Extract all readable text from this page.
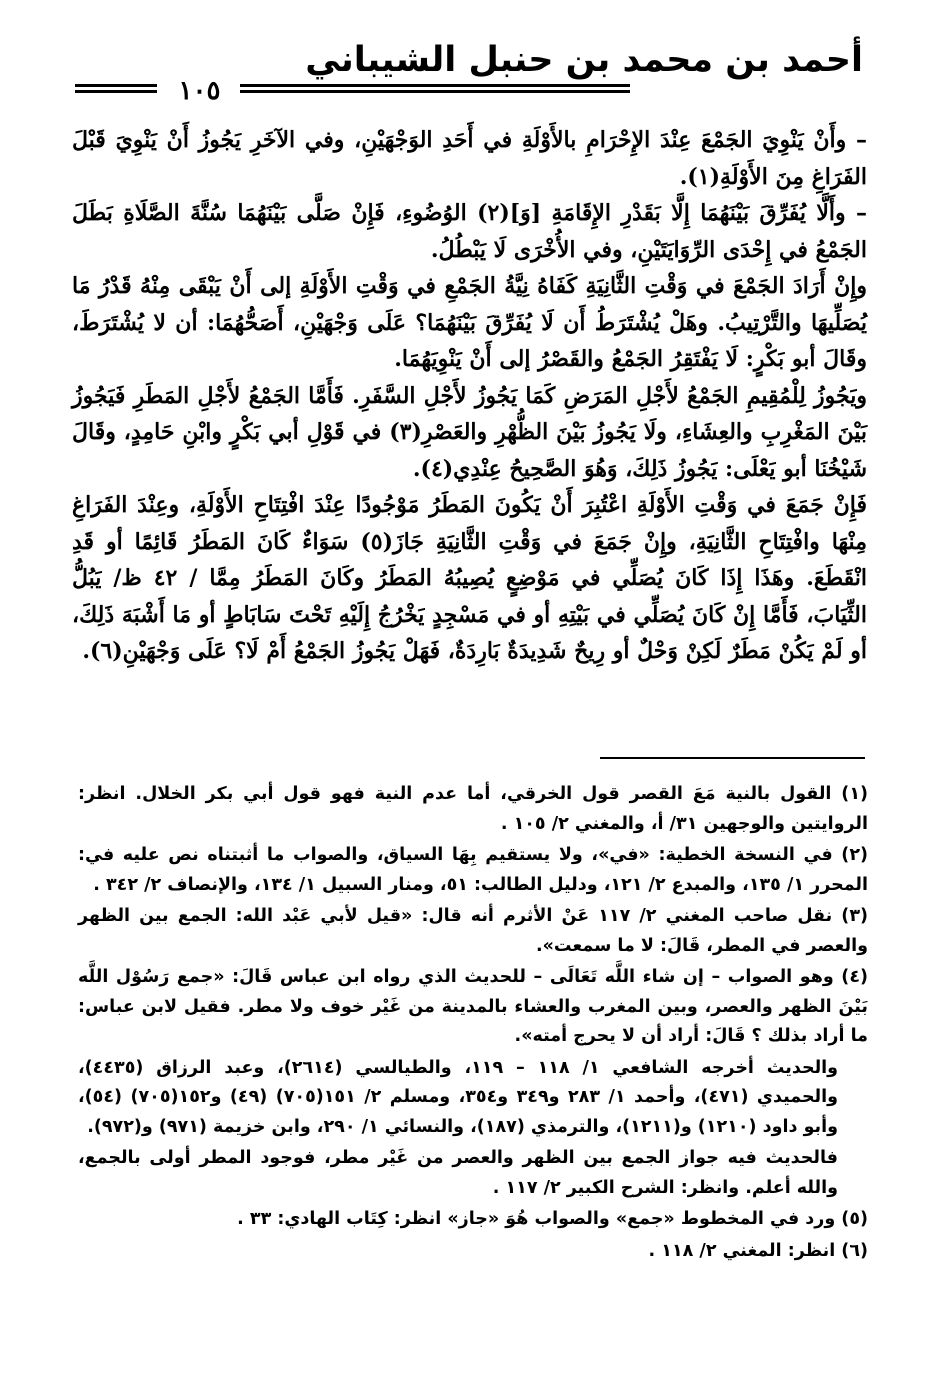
أحمد بن محمد بن حنبل الشيباني
١٠٥

– وأَنْ يَنْوِيَ الجَمْعَ عِنْدَ الإِحْرَامِ بالأَوْلَةِ في أَحَدِ الوَجْهَيْنِ، وفي الآخَرِ يَجُوزُ أَنْ يَنْوِيَ قَبْلَ الفَرَاغِ مِنَ الأَوْلَةِ(١).

– وأَلَّا يُفَرِّقَ بَيْنَهُمَا إِلَّا بَقَدْرِ الإِقَامَةِ [وَ](٢) الوُضُوءِ، فَإِنْ صَلَّى بَيْنَهُمَا سُنَّةَ الصَّلَاةِ بَطَلَ الجَمْعُ في إِحْدَى الرِّوَايَتَيْنِ، وفي الأُخْرَى لَا يَبْطُلُ.

وإِنْ أَرَادَ الجَمْعَ في وَقْتِ الثَّانِيَةِ كَفَاهُ نِيَّةُ الجَمْعِ في وَقْتِ الأَوْلَةِ إلى أَنْ يَبْقَى مِنْهُ قَدْرُ مَا يُصَلِّيهَا والتَّرْتِيبُ. وهَلْ يُشْتَرَطُ أَن لَا يُفَرِّقَ بَيْنَهُمَا؟ عَلَى وَجْهَيْنِ، أَصَحُّهُمَا: أن لا يُشْتَرَطَ، وقَالَ أبو بَكْرٍ: لَا يَفْتَقِرُ الجَمْعُ والقَصْرُ إلى أَنْ يَنْوِيَهُمَا.

ويَجُوزُ لِلْمُقِيمِ الجَمْعُ لأَجْلِ المَرَضِ كَمَا يَجُوزُ لأَجْلِ السَّفَرِ. فَأَمَّا الجَمْعُ لأَجْلِ المَطَرِ فَيَجُوزُ بَيْنَ المَغْرِبِ والعِشَاءِ، ولَا يَجُوزُ بَيْنَ الظُّهْرِ والعَصْرِ(٣) في قَوْلِ أبي بَكْرٍ وابْنِ حَامِدٍ، وقَالَ شَيْخُنَا أبو يَعْلَى: يَجُوزُ ذَلِكَ، وَهُوَ الصَّحِيحُ عِنْدِي(٤).

فَإِنْ جَمَعَ في وَقْتِ الأَوْلَةِ اعْتُبِرَ أَنْ يَكُونَ المَطَرُ مَوْجُودًا عِنْدَ افْتِتَاحِ الأَوْلَةِ، وعِنْدَ الفَرَاغِ مِنْهَا وافْتِتَاحِ الثَّانِيَةِ، وإِنْ جَمَعَ في وَقْتِ الثَّانِيَةِ جَازَ(٥) سَوَاءٌ كَانَ المَطَرُ قَائِمًا أو قَدِ انْقَطَعَ. وهَذَا إِذَا كَانَ يُصَلِّي في مَوْضِعٍ يُصِيبُهُ المَطَرُ وكَانَ المَطَرُ مِمَّا / ٤٢ ظ/ يَبُلُّ الثِّيَابَ، فَأَمَّا إِنْ كَانَ يُصَلِّي في بَيْتِهِ أو في مَسْجِدٍ يَخْرُجُ إِلَيْهِ تَحْتَ سَابَاطٍ أو مَا أَشْبَهَ ذَلِكَ، أو لَمْ يَكُنْ مَطَرٌ لَكِنْ وَحْلٌ أو رِيحٌ شَدِيدَةٌ بَارِدَةٌ، فَهَلْ يَجُوزُ الجَمْعُ أَمْ لَا؟ عَلَى وَجْهَيْنِ(٦).

(١) القول بالنية مَعَ القصر قول الخرقي، أما عدم النية فهو قول أبي بكر الخلال. انظر: الروايتين والوجهين ٣١/ أ، والمغني ٢/ ١٠٥ .

(٢) في النسخة الخطية: «في»، ولا يستقيم بِهَا السياق، والصواب ما أثبتناه نص عليه في: المحرر ١/ ١٣٥، والمبدع ٢/ ١٢١، ودليل الطالب: ٥١، ومنار السبيل ١/ ١٣٤، والإنصاف ٢/ ٣٤٢ .

(٣) نقل صاحب المغني ٢/ ١١٧ عَنْ الأثرم أنه قال: «قيل لأبي عَبْد الله: الجمع بين الظهر والعصر في المطر، قَالَ: لا ما سمعت».

(٤) وهو الصواب – إن شاء اللَّه تَعَالَى – للحديث الذي رواه ابن عباس قَالَ: «جمع رَسُوْل اللَّه بَيْنَ الظهر والعصر، وبين المغرب والعشاء بالمدينة من غَيْر خوف ولا مطر. فقيل لابن عباس: ما أراد بذلك ؟ قَالَ: أراد أن لا يحرج أمته».

والحديث أخرجه الشافعي ١/ ١١٨ – ١١٩، والطيالسي (٢٦١٤)، وعبد الرزاق (٤٤٣٥)، والحميدي (٤٧١)، وأحمد ١/ ٢٨٣ و٣٤٩ و٣٥٤، ومسلم ٢/ ١٥١(٧٠٥) (٤٩) و١٥٢(٧٠٥) (٥٤)، وأبو داود (١٢١٠) و(١٢١١)، والترمذي (١٨٧)، والنسائي ١/ ٢٩٠، وابن خزيمة (٩٧١) و(٩٧٢).

فالحديث فيه جواز الجمع بين الظهر والعصر من غَيْر مطر، فوجود المطر أولى بالجمع، والله أعلم. وانظر: الشرح الكبير ٢/ ١١٧ .

(٥) ورد في المخطوط «جمع» والصواب هُوَ «جاز» انظر: كِتَاب الهادي: ٣٣ .

(٦) انظر: المغني ٢/ ١١٨ .
